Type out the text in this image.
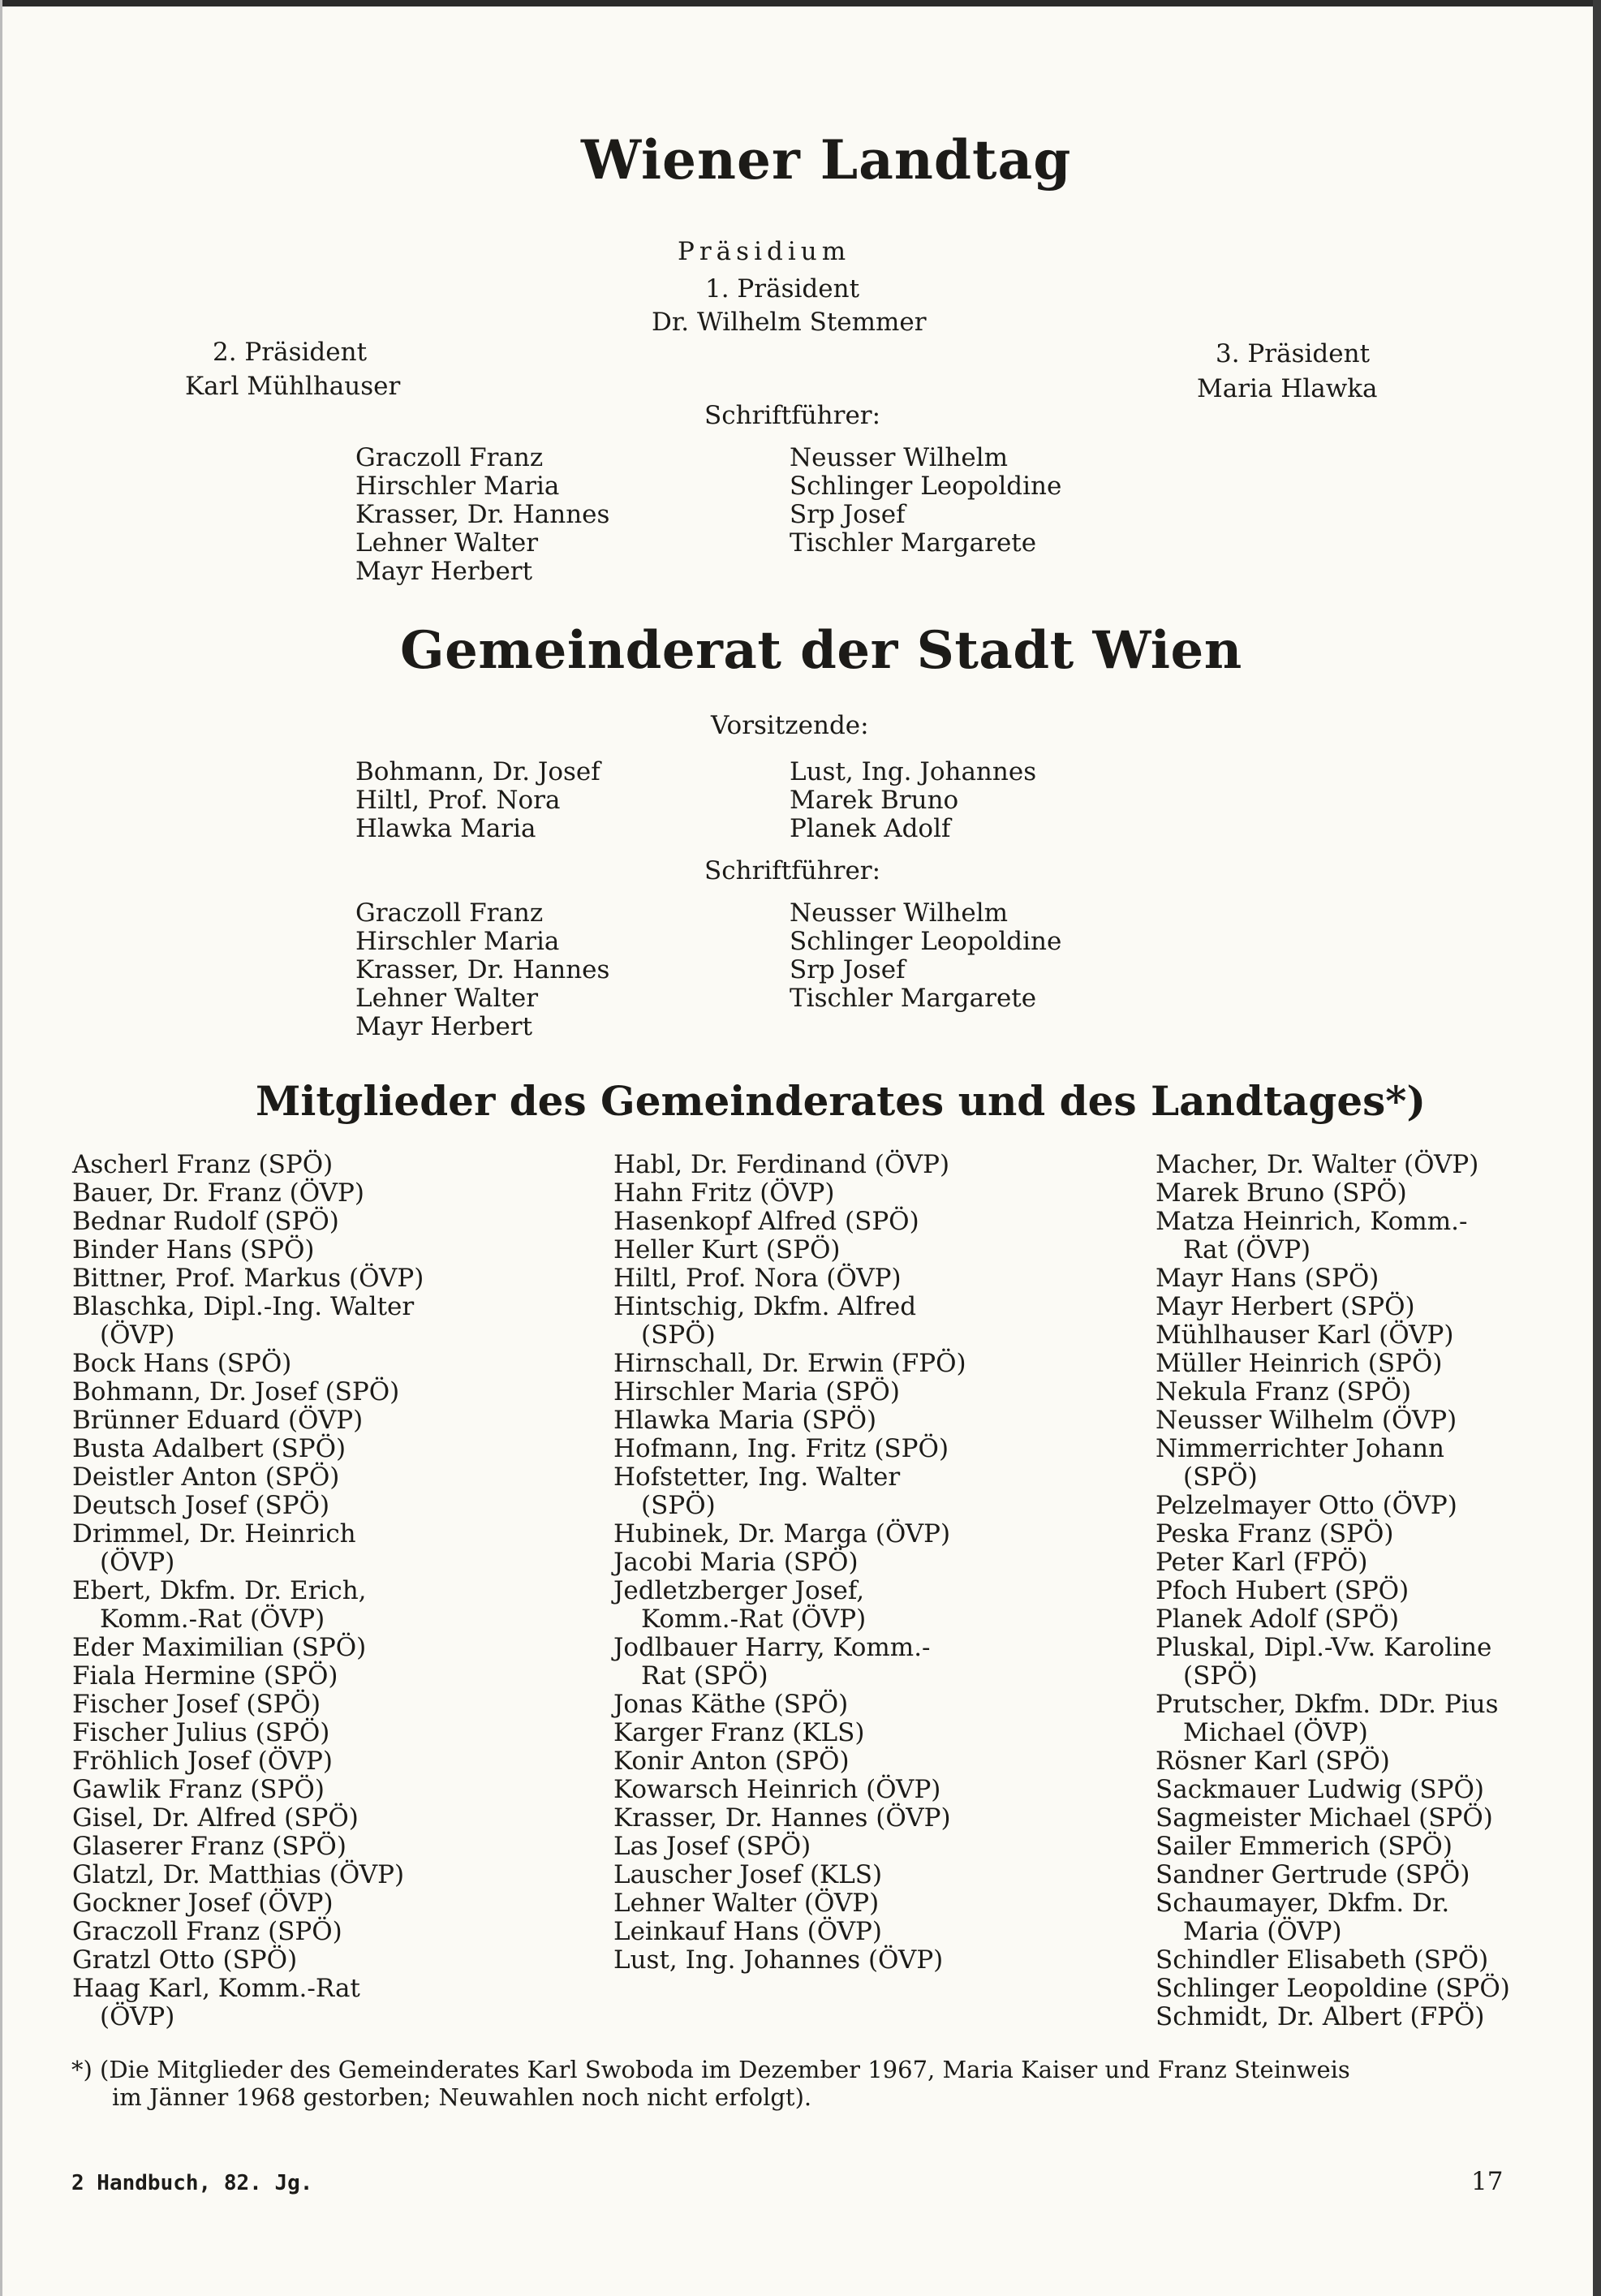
Wiener Landtag
Präsidium
1. Präsident
Dr. Wilhelm Stemmer
2. Präsident
Karl Mühlhauser
3. Präsident
Maria Hlawka
Schriftführer:
Graczoll Franz
Hirschler Maria
Krasser, Dr. Hannes
Lehner Walter
Mayr Herbert
Neusser Wilhelm
Schlinger Leopoldine
Srp Josef
Tischler Margarete
Gemeinderat der Stadt Wien
Vorsitzende:
Bohmann, Dr. Josef
Hiltl, Prof. Nora
Hlawka Maria
Lust, Ing. Johannes
Marek Bruno
Planek Adolf
Schriftführer:
Graczoll Franz
Hirschler Maria
Krasser, Dr. Hannes
Lehner Walter
Mayr Herbert
Neusser Wilhelm
Schlinger Leopoldine
Srp Josef
Tischler Margarete
Mitglieder des Gemeinderates und des Landtages*)
Ascherl Franz (SPÖ)
Bauer, Dr. Franz (ÖVP)
Bednar Rudolf (SPÖ)
Binder Hans (SPÖ)
Bittner, Prof. Markus (ÖVP)
Blaschka, Dipl.-Ing. Walter
(ÖVP)
Bock Hans (SPÖ)
Bohmann, Dr. Josef (SPÖ)
Brünner Eduard (ÖVP)
Busta Adalbert (SPÖ)
Deistler Anton (SPÖ)
Deutsch Josef (SPÖ)
Drimmel, Dr. Heinrich
(ÖVP)
Ebert, Dkfm. Dr. Erich,
Komm.-Rat (ÖVP)
Eder Maximilian (SPÖ)
Fiala Hermine (SPÖ)
Fischer Josef (SPÖ)
Fischer Julius (SPÖ)
Fröhlich Josef (ÖVP)
Gawlik Franz (SPÖ)
Gisel, Dr. Alfred (SPÖ)
Glaserer Franz (SPÖ)
Glatzl, Dr. Matthias (ÖVP)
Gockner Josef (ÖVP)
Graczoll Franz (SPÖ)
Gratzl Otto (SPÖ)
Haag Karl, Komm.-Rat
(ÖVP)
Habl, Dr. Ferdinand (ÖVP)
Hahn Fritz (ÖVP)
Hasenkopf Alfred (SPÖ)
Heller Kurt (SPÖ)
Hiltl, Prof. Nora (ÖVP)
Hintschig, Dkfm. Alfred
(SPÖ)
Hirnschall, Dr. Erwin (FPÖ)
Hirschler Maria (SPÖ)
Hlawka Maria (SPÖ)
Hofmann, Ing. Fritz (SPÖ)
Hofstetter, Ing. Walter
(SPÖ)
Hubinek, Dr. Marga (ÖVP)
Jacobi Maria (SPÖ)
Jedletzberger Josef,
Komm.-Rat (ÖVP)
Jodlbauer Harry, Komm.-
Rat (SPÖ)
Jonas Käthe (SPÖ)
Karger Franz (KLS)
Konir Anton (SPÖ)
Kowarsch Heinrich (ÖVP)
Krasser, Dr. Hannes (ÖVP)
Las Josef (SPÖ)
Lauscher Josef (KLS)
Lehner Walter (ÖVP)
Leinkauf Hans (ÖVP)
Lust, Ing. Johannes (ÖVP)
Macher, Dr. Walter (ÖVP)
Marek Bruno (SPÖ)
Matza Heinrich, Komm.-
Rat (ÖVP)
Mayr Hans (SPÖ)
Mayr Herbert (SPÖ)
Mühlhauser Karl (ÖVP)
Müller Heinrich (SPÖ)
Nekula Franz (SPÖ)
Neusser Wilhelm (ÖVP)
Nimmerrichter Johann
(SPÖ)
Pelzelmayer Otto (ÖVP)
Peska Franz (SPÖ)
Peter Karl (FPÖ)
Pfoch Hubert (SPÖ)
Planek Adolf (SPÖ)
Pluskal, Dipl.-Vw. Karoline
(SPÖ)
Prutscher, Dkfm. DDr. Pius
Michael (ÖVP)
Rösner Karl (SPÖ)
Sackmauer Ludwig (SPÖ)
Sagmeister Michael (SPÖ)
Sailer Emmerich (SPÖ)
Sandner Gertrude (SPÖ)
Schaumayer, Dkfm. Dr.
Maria (ÖVP)
Schindler Elisabeth (SPÖ)
Schlinger Leopoldine (SPÖ)
Schmidt, Dr. Albert (FPÖ)
*) (Die Mitglieder des Gemeinderates Karl Swoboda im Dezember 1967, Maria Kaiser und Franz Steinweis
im Jänner 1968 gestorben; Neuwahlen noch nicht erfolgt).
2 Handbuch, 82. Jg.	17
